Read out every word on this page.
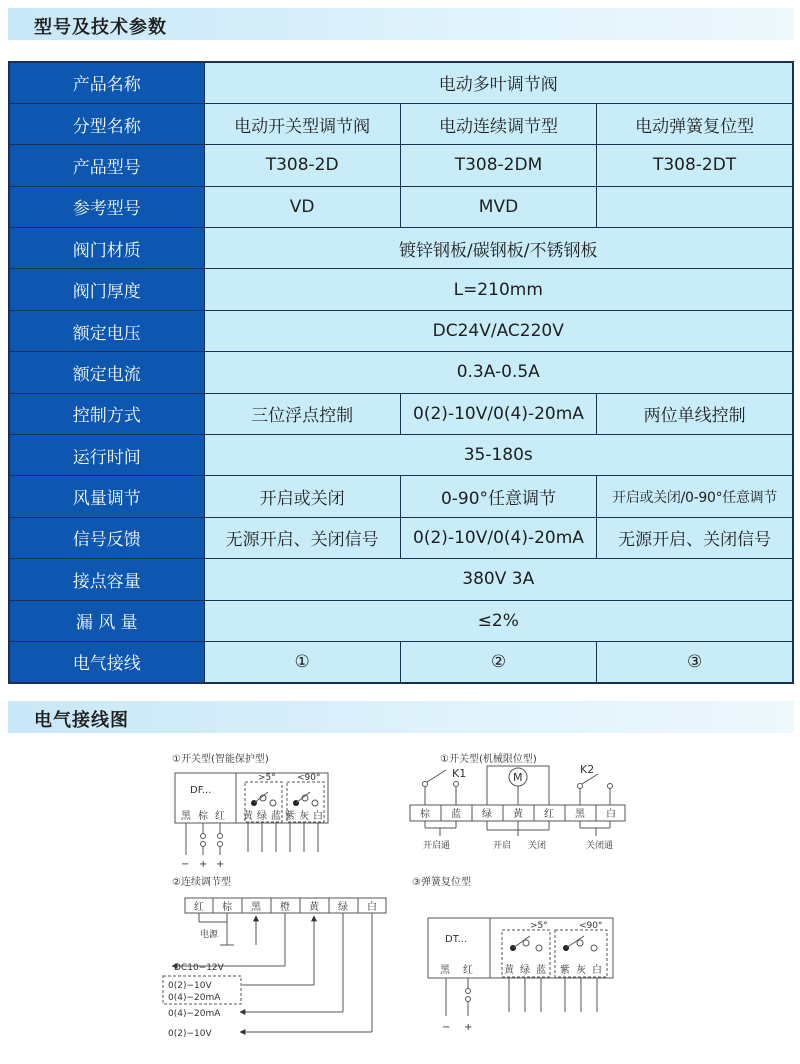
型号及技术参数
产品名称	电动多叶调节阀		
分型名称	电动开关型调节阀	电动连续调节型	电动弹簧复位型
产品型号	T308-2D	T308-2DM	T308-2DT
参考型号	VD	MVD	
阀门材质	镀锌钢板/碳钢板/不锈钢板		
阀门厚度	L=210mm		
额定电压	DC24V/AC220V		
额定电流	0.3A-0.5A		
控制方式	三位浮点控制	0(2)-10V/0(4)-20mA	两位单线控制
运行时间	35-180s		
风量调节	开启或关闭	0-90°任意调节	开启或关闭/0-90°任意调节
信号反馈	无源开启、关闭信号	0(2)-10V/0(4)-20mA	无源开启、关闭信号
接点容量	380V 3A		
漏 风 量	≤2%		
电气接线	①	②	③
电气接线图
①开关型(智能保护型)
DF...
>5° <90°
黑 棕 红 黄 绿 蓝 紫 灰 白
− + +
①开关型(机械限位型)
棕 蓝 绿 黄 红 黑 白
K1	M
K2
开启通	开启 关闭	关闭通
②连续调节型
红 棕 黑 橙 黄 绿 白
电源
DC10−12V
0(2)−10V
0(4)−20mA
0(4)−20mA
0(2)−10V
③弹簧复位型
DT...
>5°	<90°
黑 红	黄 绿 蓝 紫 灰 白
− +
